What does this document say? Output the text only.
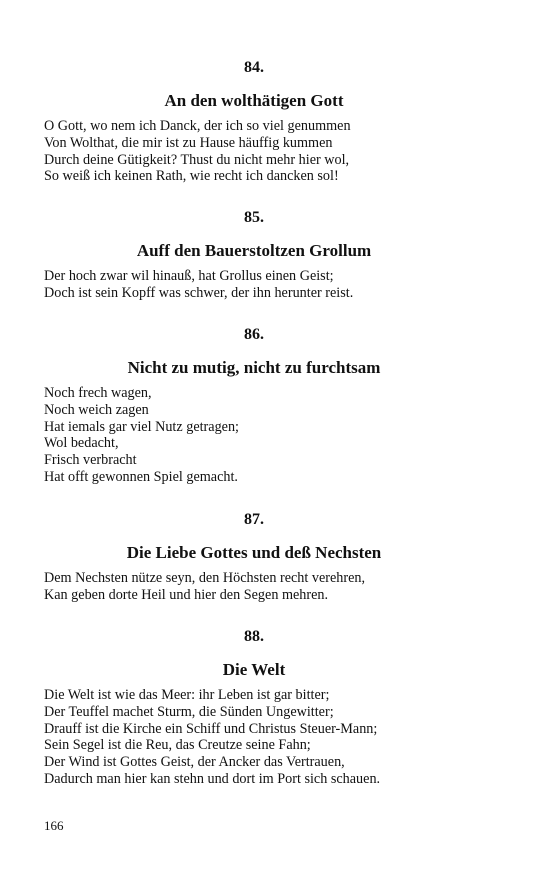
84.

An den wolthätigen Gott

O Gott, wo nem ich Danck, der ich so viel genummen
Von Wolthat, die mir ist zu Hause häuffig kummen
Durch deine Gütigkeit? Thust du nicht mehr hier wol,
So weiß ich keinen Rath, wie recht ich dancken sol!

85.

Auff den Bauerstoltzen Grollum

Der hoch zwar wil hinauß, hat Grollus einen Geist;
Doch ist sein Kopff was schwer, der ihn herunter reist.

86.

Nicht zu mutig, nicht zu furchtsam

Noch frech wagen,
Noch weich zagen
Hat iemals gar viel Nutz getragen;
Wol bedacht,
Frisch verbracht
Hat offt gewonnen Spiel gemacht.

87.

Die Liebe Gottes und deß Nechsten

Dem Nechsten nütze seyn, den Höchsten recht verehren,
Kan geben dorte Heil und hier den Segen mehren.

88.

Die Welt

Die Welt ist wie das Meer: ihr Leben ist gar bitter;
Der Teuffel machet Sturm, die Sünden Ungewitter;
Drauff ist die Kirche ein Schiff und Christus Steuer-Mann;
Sein Segel ist die Reu, das Creutze seine Fahn;
Der Wind ist Gottes Geist, der Ancker das Vertrauen,
Dadurch man hier kan stehn und dort im Port sich schauen.
166
